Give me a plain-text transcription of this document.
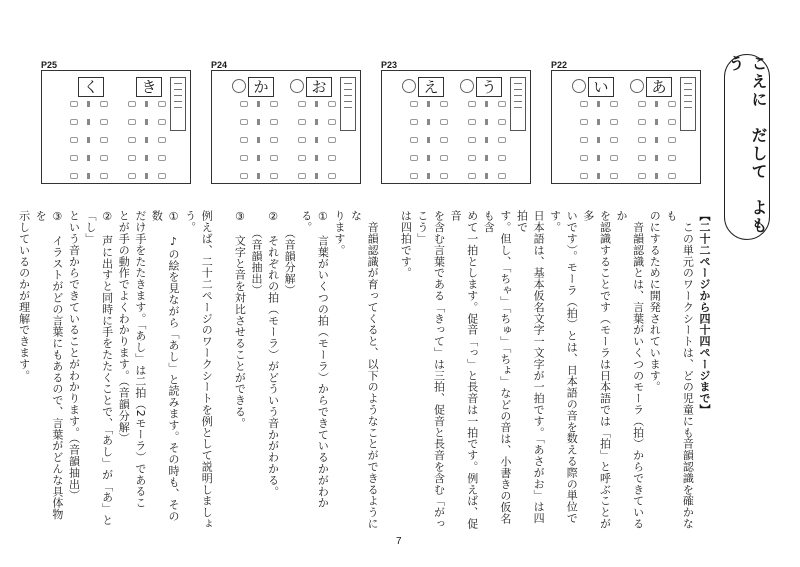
P22
あ
い
P23
う
え
P24
お
か
P25
き
く	こえに　だして　よもう

【二十二ページから四十四ページまで】

　この単元のワークシートは、どの児童にも音韻認識を確かなも

のにするために開発されています。

　音韻認識とは、言葉がいくつのモーラ（拍）からできているか

を認識することです（モーラは日本語では「拍」と呼ぶことが多

いです）。モーラ（拍）とは、日本語の音を数える際の単位です。

日本語は、基本仮名文字一文字が一拍です。「あさがお」は四拍で

す。但し、「ちゃ」「ちゅ」「ちょ」などの音は、小書きの仮名も含

めて一拍とします。促音「っ」と長音は一拍です。例えば、促音

を含む言葉である「きって」は三拍、促音と長音を含む「がっこう」

は四拍です。

　音韻認識が育ってくると、以下のようなことができるようにな

ります。

①　言葉がいくつの拍（モーラ）からできているかがわかる。

　　（音韻分解）

②　それぞれの拍（モーラ）がどういう音かがわかる。

　　（音韻抽出）

③　文字と音を対比させることができる。

例えば、二十二ページのワークシートを例として説明しましょう。

①　♪の絵を見ながら「あし」と読みます。その時も、その数

だけ手をたたきます。「あし」は二拍（2モーラ）であるこ

とが手の動作でよくわかります。（音韻分解）

②　声に出すと同時に手をたたくことで、「あし」が「あ」と「し」

という音からできていることがわかります。（音韻抽出）

③　イラストがどの言葉にもあるので、言葉がどんな具体物を

示しているのかが理解できます。

7
